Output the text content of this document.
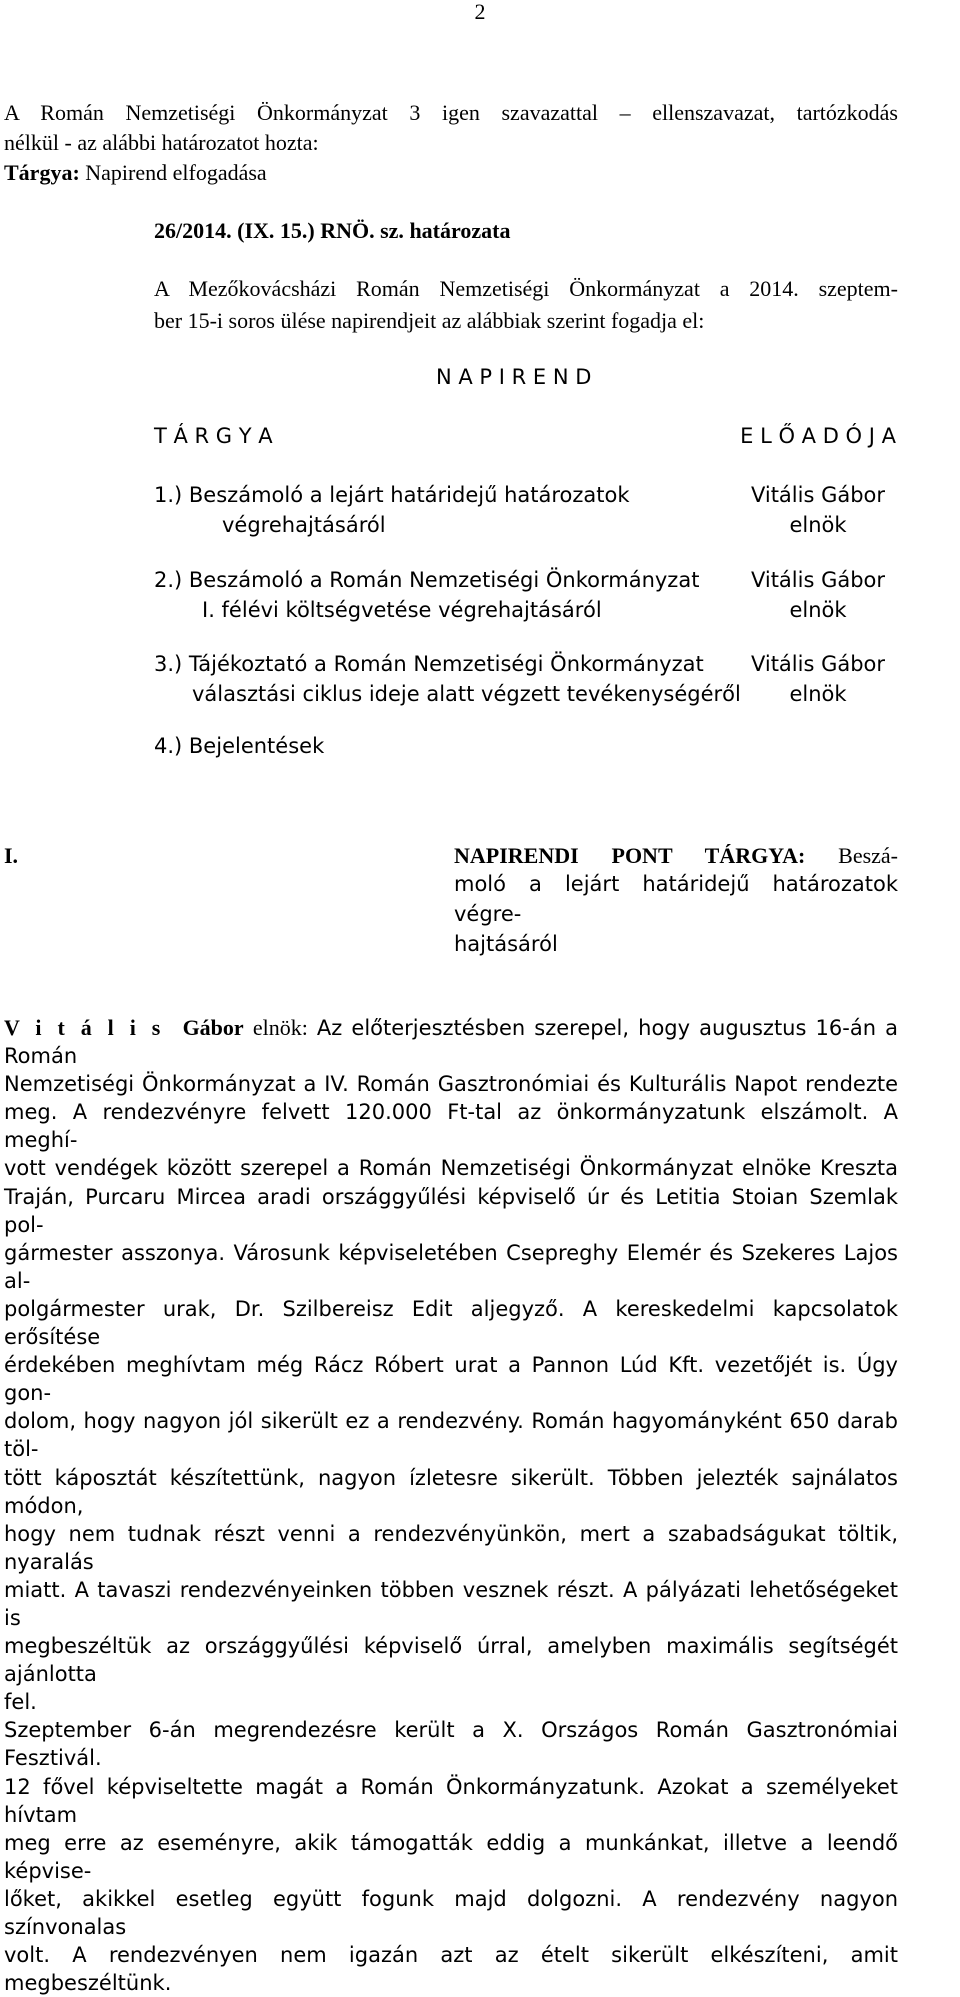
2
A Román Nemzetiségi Önkormányzat 3 igen szavazattal – ellenszavazat, tartózkodás
nélkül - az alábbi határozatot hozta:
Tárgya: Napirend elfogadása
26/2014. (IX. 15.) RNÖ. sz. határozata
A Mezőkovácsházi Román Nemzetiségi Önkormányzat a 2014. szeptem-
ber 15-i soros ülése napirendjeit az alábbiak szerint fogadja el:
N A P I R E N D
T Á R G Y A	E L Ő A D Ó J A
1.) Beszámoló a lejárt határidejű határozatok
végrehajtásáról
Vitális Gábor
elnök
2.) Beszámoló a Román Nemzetiségi Önkormányzat
I. félévi költségvetése végrehajtásáról
Vitális Gábor
elnök
3.) Tájékoztató a Román Nemzetiségi Önkormányzat
választási ciklus ideje alatt végzett tevékenységéről
Vitális Gábor
elnök
4.) Bejelentések
I.	NAPIRENDI PONT TÁRGYA: Beszá-
moló a lejárt határidejű határozatok végre-
hajtásáról
V i t á l i s Gábor elnök: Az előterjesztésben szerepel, hogy augusztus 16-án a Román
Nemzetiségi Önkormányzat a IV. Román Gasztronómiai és Kulturális Napot rendezte
meg. A rendezvényre felvett 120.000 Ft-tal az önkormányzatunk elszámolt. A meghí-
vott vendégek között szerepel a Román Nemzetiségi Önkormányzat elnöke Kreszta
Traján, Purcaru Mircea aradi országgyűlési képviselő úr és Letitia Stoian Szemlak pol-
gármester asszonya. Városunk képviseletében Csepreghy Elemér és Szekeres Lajos al-
polgármester urak, Dr. Szilbereisz Edit aljegyző. A kereskedelmi kapcsolatok erősítése
érdekében meghívtam még Rácz Róbert urat a Pannon Lúd Kft. vezetőjét is. Úgy gon-
dolom, hogy nagyon jól sikerült ez a rendezvény. Román hagyományként 650 darab töl-
tött káposztát készítettünk, nagyon ízletesre sikerült. Többen jelezték sajnálatos módon,
hogy nem tudnak részt venni a rendezvényünkön, mert a szabadságukat töltik, nyaralás
miatt. A tavaszi rendezvényeinken többen vesznek részt. A pályázati lehetőségeket is
megbeszéltük az országgyűlési képviselő úrral, amelyben maximális segítségét ajánlotta
fel.
Szeptember 6-án megrendezésre került a X. Országos Román Gasztronómiai Fesztivál.
12 fővel képviseltette magát a Román Önkormányzatunk. Azokat a személyeket hívtam
meg erre az eseményre, akik támogatták eddig a munkánkat, illetve a leendő képvise-
lőket, akikkel esetleg együtt fogunk majd dolgozni. A rendezvény nagyon színvonalas
volt. A rendezvényen nem igazán azt az ételt sikerült elkészíteni, amit megbeszéltünk.
